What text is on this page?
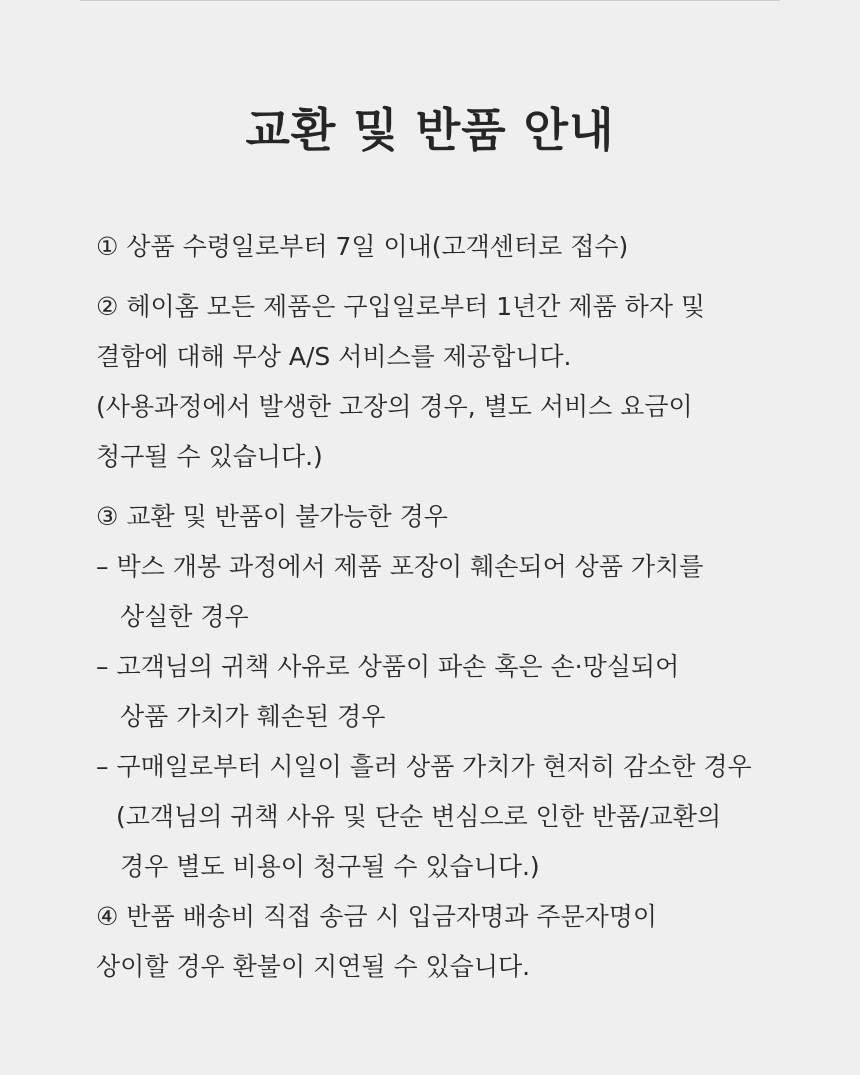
교환 및 반품 안내
① 상품 수령일로부터 7일 이내(고객센터로 접수)
② 헤이홈 모든 제품은 구입일로부터 1년간 제품 하자 및
결함에 대해 무상 A/S 서비스를 제공합니다.
(사용과정에서 발생한 고장의 경우, 별도 서비스 요금이
청구될 수 있습니다.)
③ 교환 및 반품이 불가능한 경우
– 박스 개봉 과정에서 제품 포장이 훼손되어 상품 가치를
상실한 경우
– 고객님의 귀책 사유로 상품이 파손 혹은 손·망실되어
상품 가치가 훼손된 경우
– 구매일로부터 시일이 흘러 상품 가치가 현저히 감소한 경우
(고객님의 귀책 사유 및 단순 변심으로 인한 반품/교환의
경우 별도 비용이 청구될 수 있습니다.)
④ 반품 배송비 직접 송금 시 입금자명과 주문자명이
상이할 경우 환불이 지연될 수 있습니다.
